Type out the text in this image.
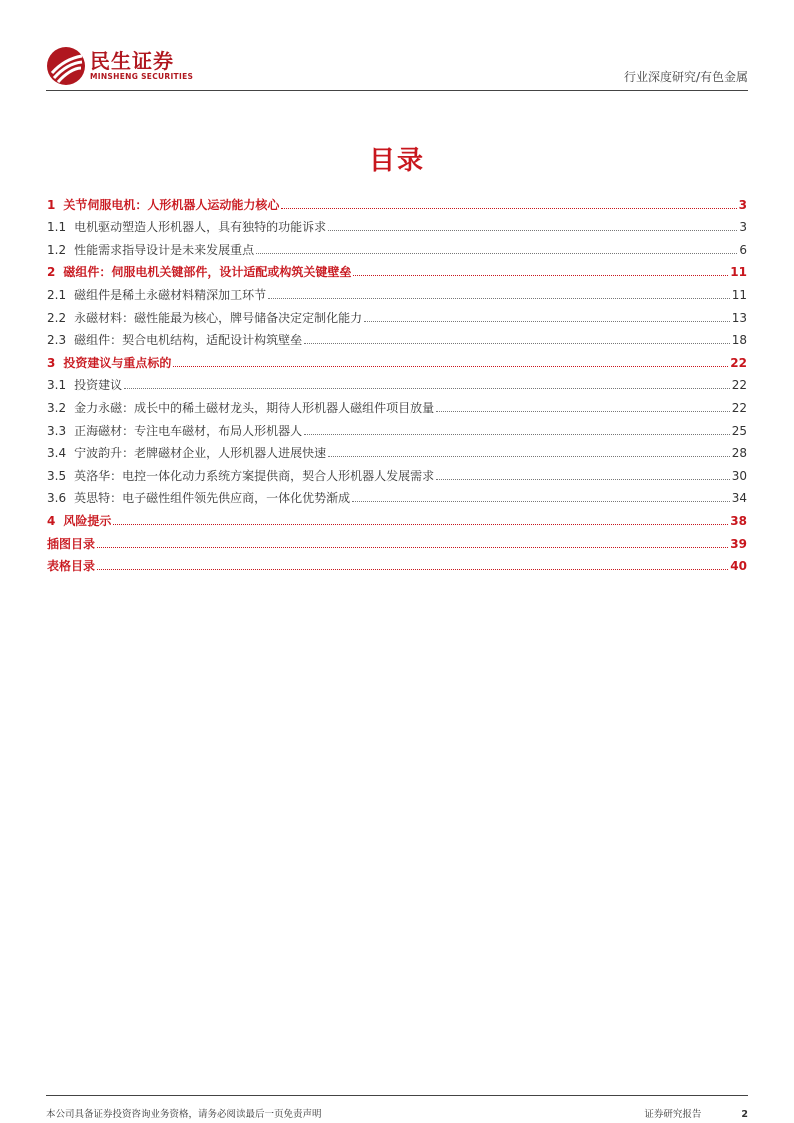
民生证券
MINSHENG SECURITIES	行业深度研究/有色金属
目录
1 关节伺服电机：人形机器人运动能力核心	3
1.1 电机驱动塑造人形机器人，具有独特的功能诉求	3
1.2 性能需求指导设计是未来发展重点	6
2 磁组件：伺服电机关键部件，设计适配或构筑关键壁垒	11
2.1 磁组件是稀土永磁材料精深加工环节	11
2.2 永磁材料：磁性能最为核心，牌号储备决定定制化能力	13
2.3 磁组件：契合电机结构，适配设计构筑壁垒	18
3 投资建议与重点标的	22
3.1 投资建议	22
3.2 金力永磁：成长中的稀土磁材龙头，期待人形机器人磁组件项目放量	22
3.3 正海磁材：专注电车磁材，布局人形机器人	25
3.4 宁波韵升：老牌磁材企业，人形机器人进展快速	28
3.5 英洛华：电控一体化动力系统方案提供商，契合人形机器人发展需求	30
3.6 英思特：电子磁性组件领先供应商，一体化优势渐成	34
4 风险提示	38
插图目录	39
表格目录	40
本公司具备证券投资咨询业务资格，请务必阅读最后一页免责声明	证券研究报告	2
